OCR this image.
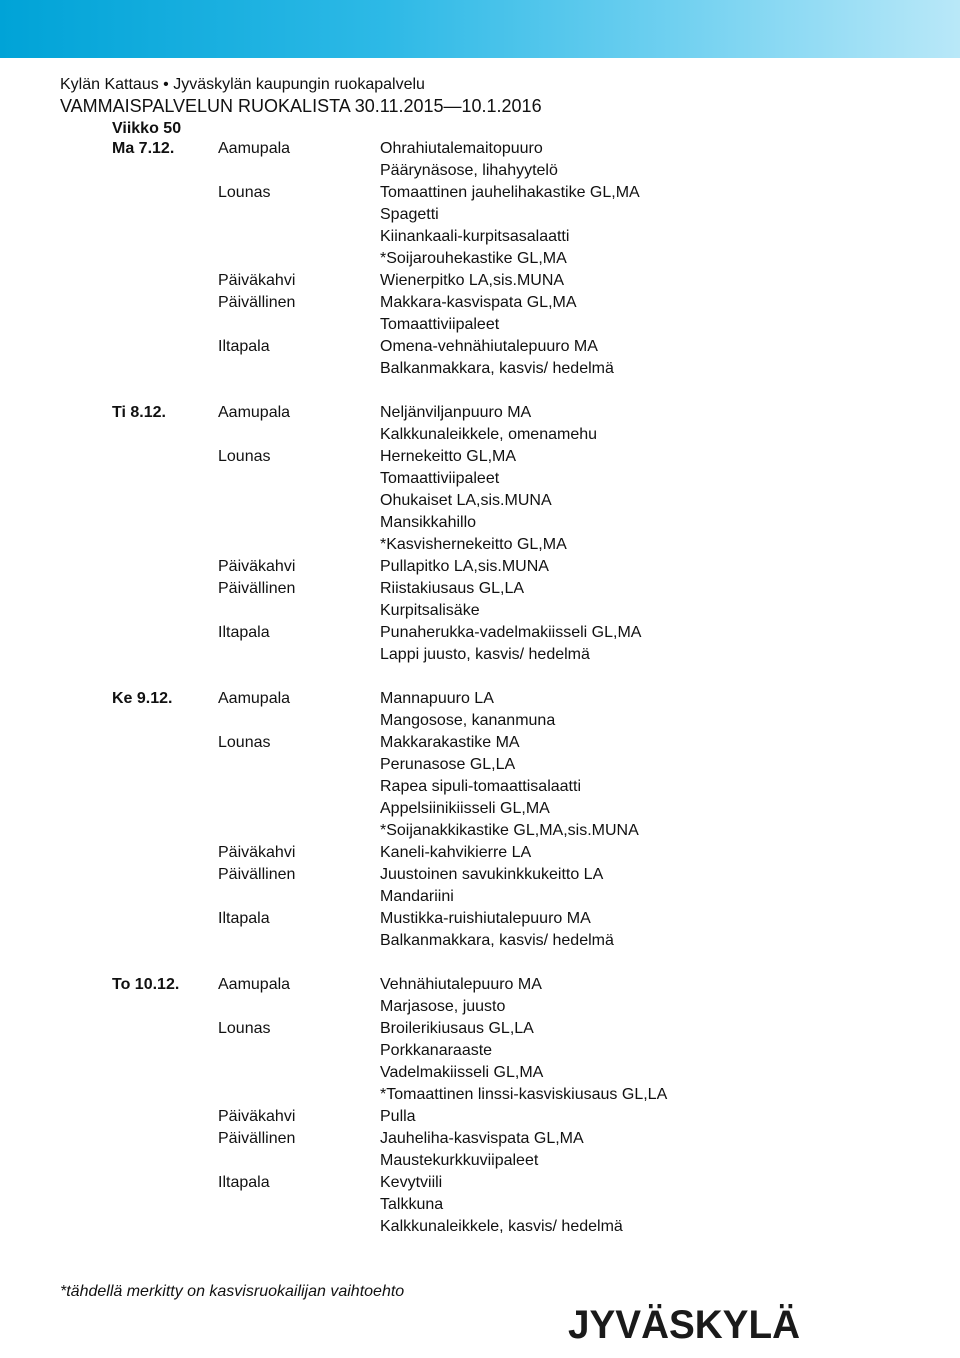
Kylän Kattaus • Jyväskylän kaupungin ruokapalvelu

VAMMAISPALVELUN RUOKALISTA 30.11.2015—10.1.2016
Viikko 50
Ma 7.12.	Aamupala	Ohrahiutalemaitopuuro
Päärynäsose, lihahyytelö
Lounas	Tomaattinen jauhelihakastike GL,MA
Spagetti
Kiinankaali-kurpitsasalaatti
*Soijarouhekastike GL,MA
Päiväkahvi	Wienerpitko LA,sis.MUNA
Päivällinen	Makkara-kasvispata GL,MA
Tomaattiviipaleet
Iltapala	Omena-vehnähiutalepuuro MA
Balkanmakkara, kasvis/ hedelmä
Ti 8.12.	Aamupala	Neljänviljanpuuro MA
Kalkkunaleikkele, omenamehu
Lounas	Hernekeitto GL,MA
Tomaattiviipaleet
Ohukaiset LA,sis.MUNA
Mansikkahillo
*Kasvishernekeitto GL,MA
Päiväkahvi	Pullapitko LA,sis.MUNA
Päivällinen	Riistakiusaus GL,LA
Kurpitsalisäke
Iltapala	Punaherukka-vadelmakiisseli GL,MA
Lappi juusto, kasvis/ hedelmä
Ke 9.12.	Aamupala	Mannapuuro LA
Mangosose, kananmuna
Lounas	Makkarakastike MA
Perunasose GL,LA
Rapea sipuli-tomaattisalaatti
Appelsiinikiisseli GL,MA
*Soijanakkikastike GL,MA,sis.MUNA
Päiväkahvi	Kaneli-kahvikierre LA
Päivällinen	Juustoinen savukinkkukeitto LA
Mandariini
Iltapala	Mustikka-ruishiutalepuuro MA
Balkanmakkara, kasvis/ hedelmä
To 10.12.	Aamupala	Vehnähiutalepuuro MA
Marjasose, juusto
Lounas	Broilerikiusaus GL,LA
Porkkanaraaste
Vadelmakiisseli GL,MA
*Tomaattinen linssi-kasviskiusaus GL,LA
Päiväkahvi	Pulla
Päivällinen	Jauheliha-kasvispata GL,MA
Maustekurkkuviipaleet
Iltapala	Kevytviili
Talkkuna
Kalkkunaleikkele, kasvis/ hedelmä
*tähdellä merkitty on kasvisruokailijan vaihtoehto
JYVÄSKYLÄ
